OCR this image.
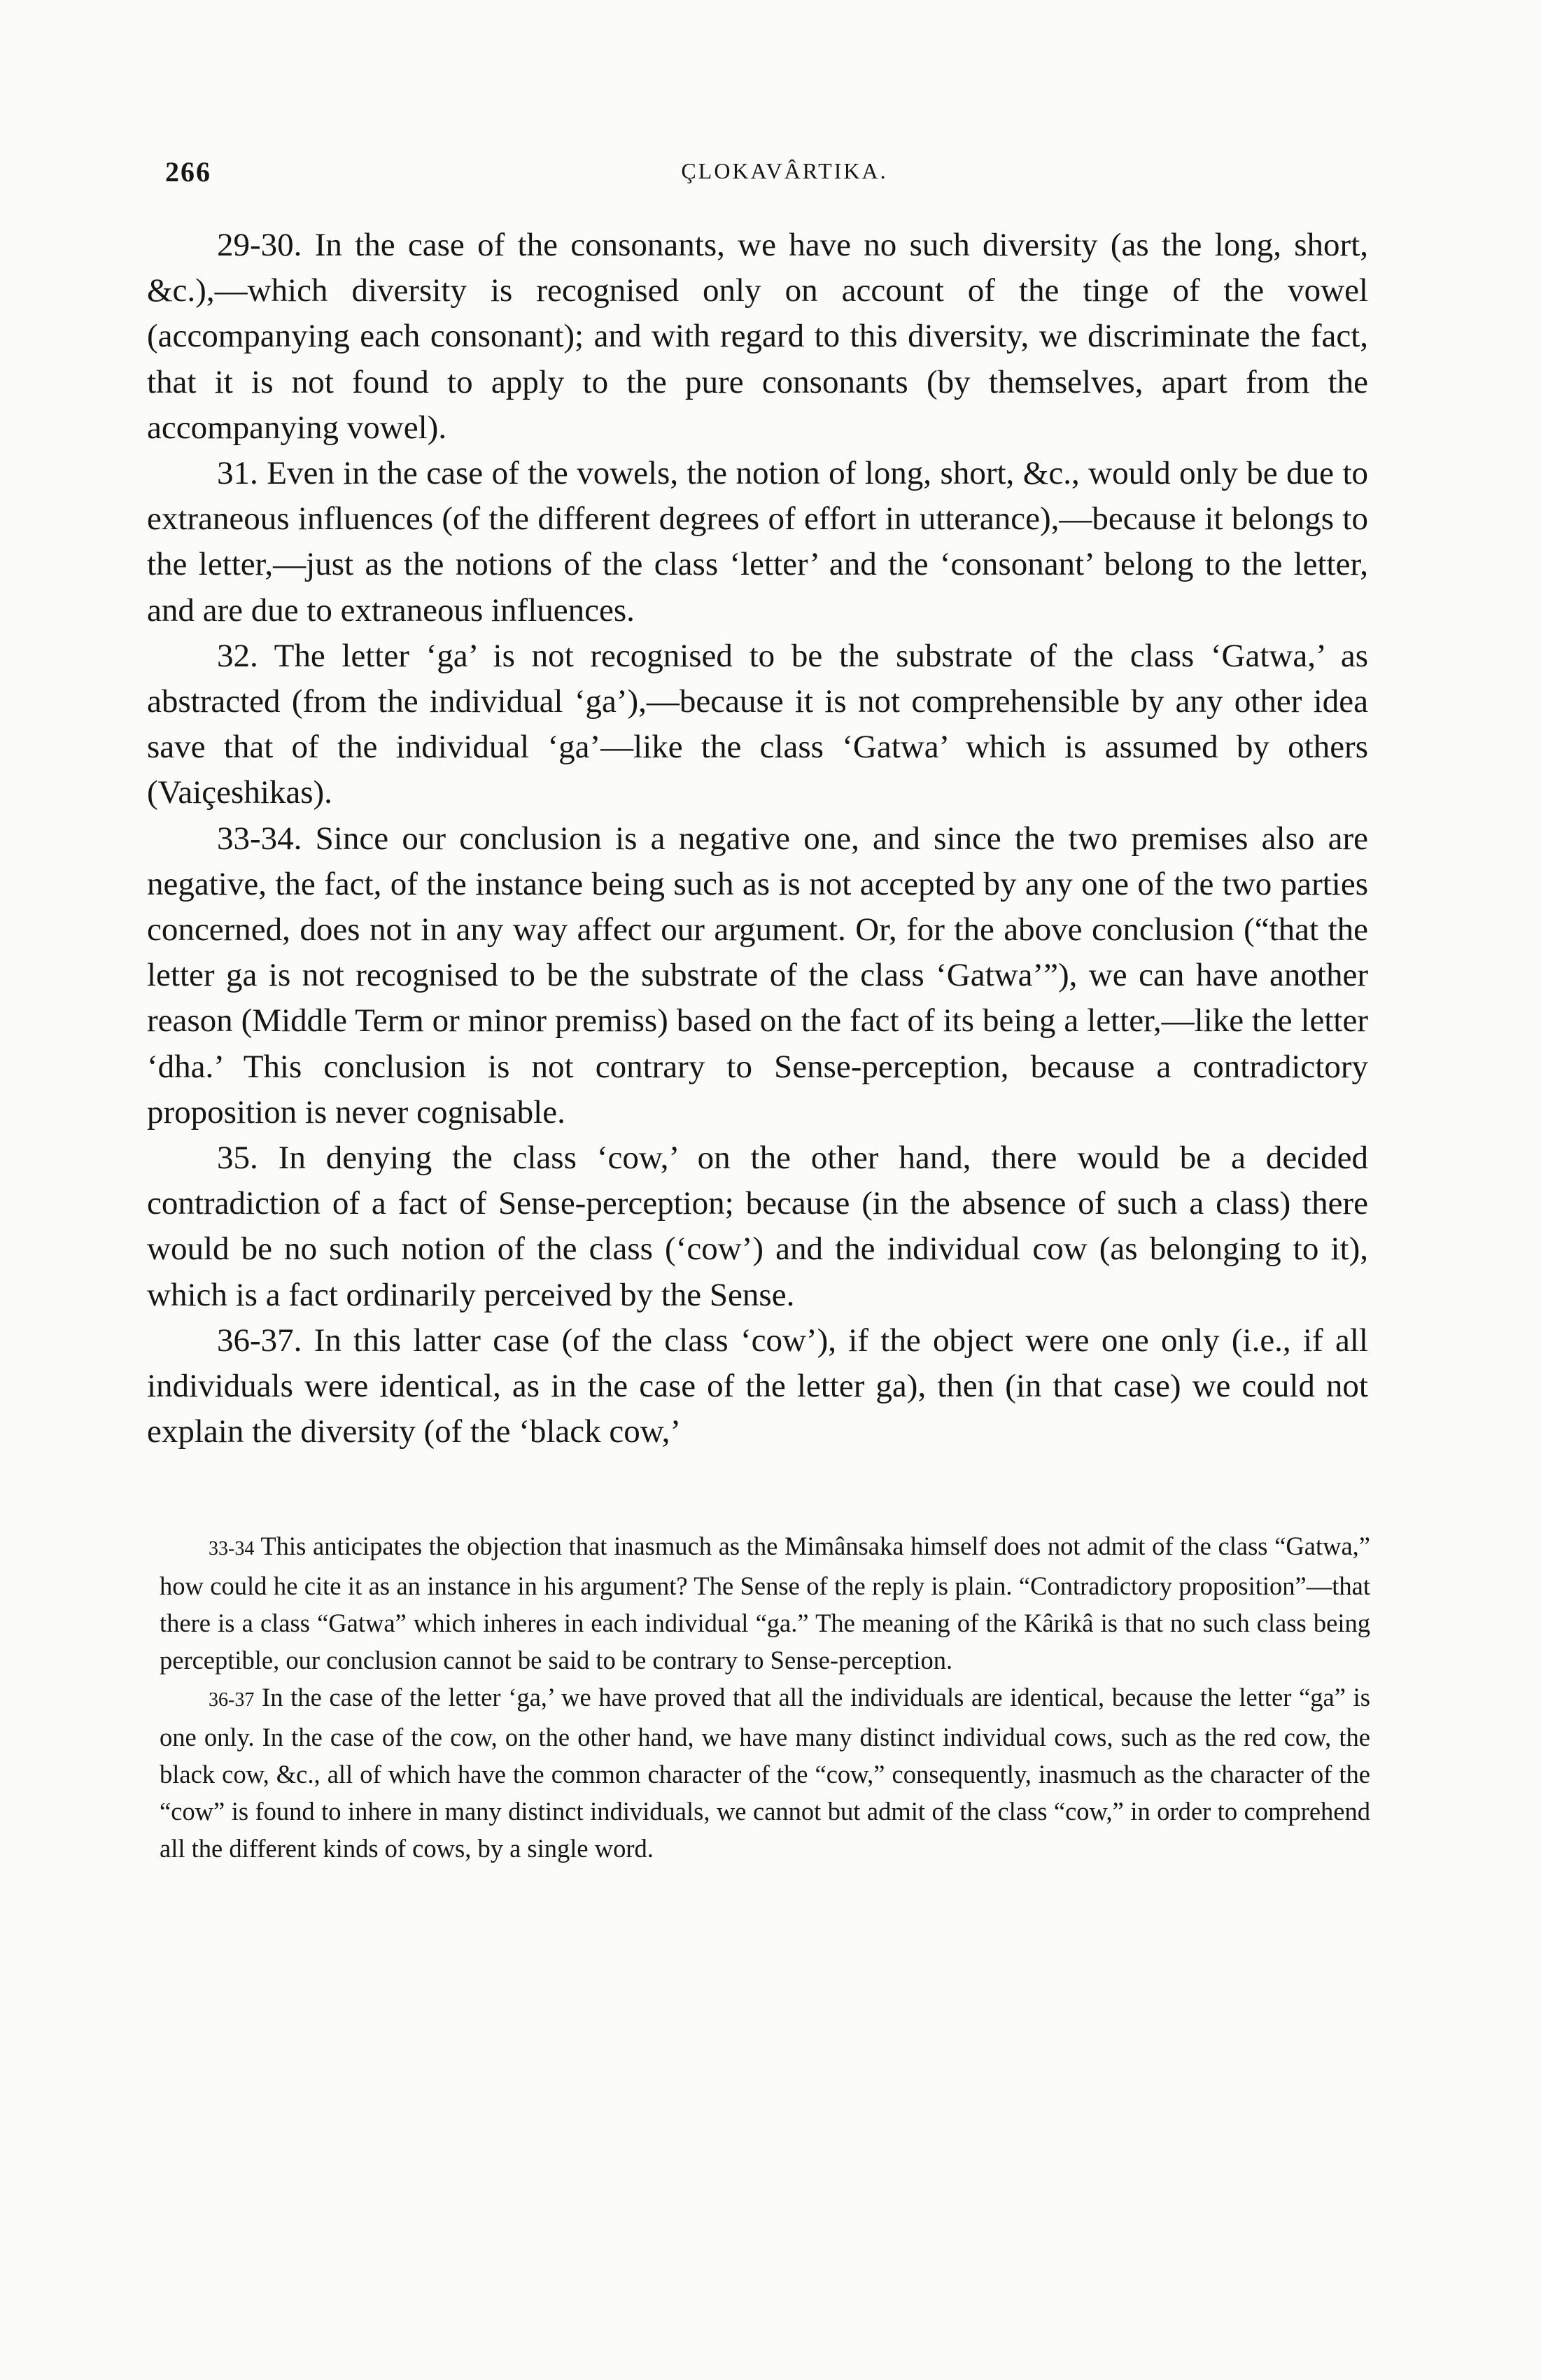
266	ÇLOKAVÂRTIKA.

29-30. In the case of the consonants, we have no such diversity (as the long, short, &c.),—which diversity is recognised only on account of the tinge of the vowel (accompanying each consonant); and with regard to this diversity, we discriminate the fact, that it is not found to apply to the pure consonants (by themselves, apart from the accompanying vowel).

31. Even in the case of the vowels, the notion of long, short, &c., would only be due to extraneous influences (of the different degrees of effort in utterance),—because it belongs to the letter,—just as the notions of the class ‘letter’ and the ‘consonant’ belong to the letter, and are due to extraneous influences.

32. The letter ‘ga’ is not recognised to be the substrate of the class ‘Gatwa,’ as abstracted (from the individual ‘ga’),—because it is not comprehensible by any other idea save that of the individual ‘ga’—like the class ‘Gatwa’ which is assumed by others (Vaiçeshikas).

33-34. Since our conclusion is a negative one, and since the two premises also are negative, the fact, of the instance being such as is not accepted by any one of the two parties concerned, does not in any way affect our argument. Or, for the above conclusion (“that the letter ga is not recognised to be the substrate of the class ‘Gatwa’”), we can have another reason (Middle Term or minor premiss) based on the fact of its being a letter,—like the letter ‘dha.’ This conclusion is not contrary to Sense-perception, because a contradictory proposition is never cognisable.

35. In denying the class ‘cow,’ on the other hand, there would be a decided contradiction of a fact of Sense-perception; because (in the absence of such a class) there would be no such notion of the class (‘cow’) and the individual cow (as belonging to it), which is a fact ordinarily perceived by the Sense.

36-37. In this latter case (of the class ‘cow’), if the object were one only (i.e., if all individuals were identical, as in the case of the letter ga), then (in that case) we could not explain the diversity (of the ‘black cow,’

33-34 This anticipates the objection that inasmuch as the Mimânsaka himself does not admit of the class “Gatwa,” how could he cite it as an instance in his argument? The Sense of the reply is plain. “Contradictory proposition”—that there is a class “Gatwa” which inheres in each individual “ga.” The meaning of the Kârikâ is that no such class being perceptible, our conclusion cannot be said to be contrary to Sense-perception.

36-37 In the case of the letter ‘ga,’ we have proved that all the individuals are identical, because the letter “ga” is one only. In the case of the cow, on the other hand, we have many distinct individual cows, such as the red cow, the black cow, &c., all of which have the common character of the “cow,” consequently, inasmuch as the character of the “cow” is found to inhere in many distinct individuals, we cannot but admit of the class “cow,” in order to comprehend all the different kinds of cows, by a single word.
